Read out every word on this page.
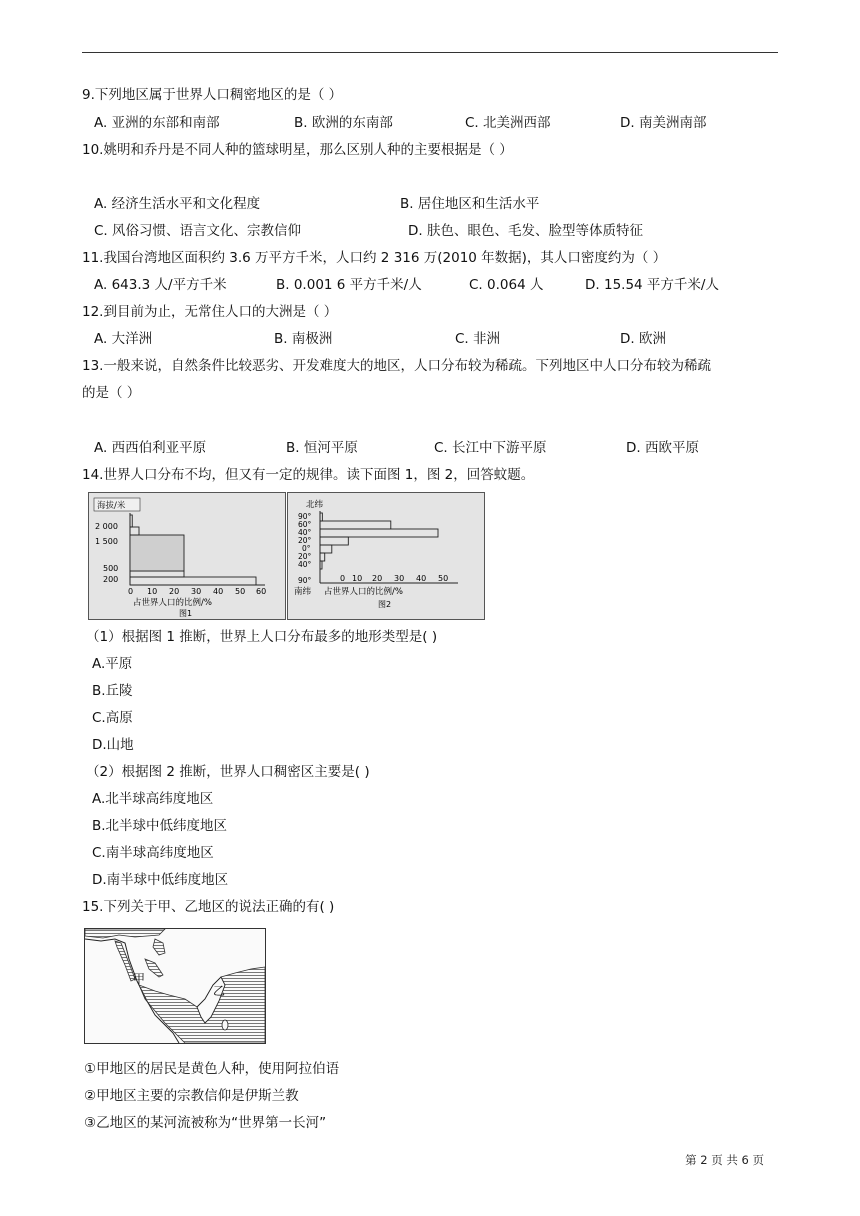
9.下列地区属于世界人口稠密地区的是（ ）
A. 亚洲的东部和南部	B. 欧洲的东南部	C. 北美洲西部	D. 南美洲南部
10.姚明和乔丹是不同人种的篮球明星，那么区别人种的主要根据是（ ）
A. 经济生活水平和文化程度	B. 居住地区和生活水平
C. 风俗习惯、语言文化、宗教信仰	D. 肤色、眼色、毛发、脸型等体质特征
11.我国台湾地区面积约 3.6 万平方千米，人口约 2 316 万(2010 年数据)，其人口密度约为（ ）
A. 643.3 人/平方千米	B. 0.001 6 平方千米/人	C. 0.064 人	D. 15.54 平方千米/人
12.到目前为止，无常住人口的大洲是（ ）
A. 大洋洲	B. 南极洲	C. 非洲	D. 欧洲
13.一般来说，自然条件比较恶劣、开发难度大的地区，人口分布较为稀疏。下列地区中人口分布较为稀疏
的是（ ）
A. 西西伯利亚平原	B. 恒河平原	C. 长江中下游平原	D. 西欧平原
14.世界人口分布不均，但又有一定的规律。读下面图 1，图 2，回答蚊题。
海拔/米
2 000
1 500
500
200
0 10 20 30 40 50 60
占世界人口的比例/%
图1
北纬
90°
60°
40°
20°
0°
20°
40°
90°	0 10 20 30 40 50
南纬 占世界人口的比例/%
图2
（1）根据图 1 推断，世界上人口分布最多的地形类型是( )
A.平原
B.丘陵
C.高原
D.山地
（2）根据图 2 推断，世界人口稠密区主要是( )
A.北半球高纬度地区
B.北半球中低纬度地区
C.南半球高纬度地区
D.南半球中低纬度地区
15.下列关于甲、乙地区的说法正确的有( )
甲
乙
①甲地区的居民是黄色人种，使用阿拉伯语
②甲地区主要的宗教信仰是伊斯兰教
③乙地区的某河流被称为“世界第一长河”
第 2 页 共 6 页
